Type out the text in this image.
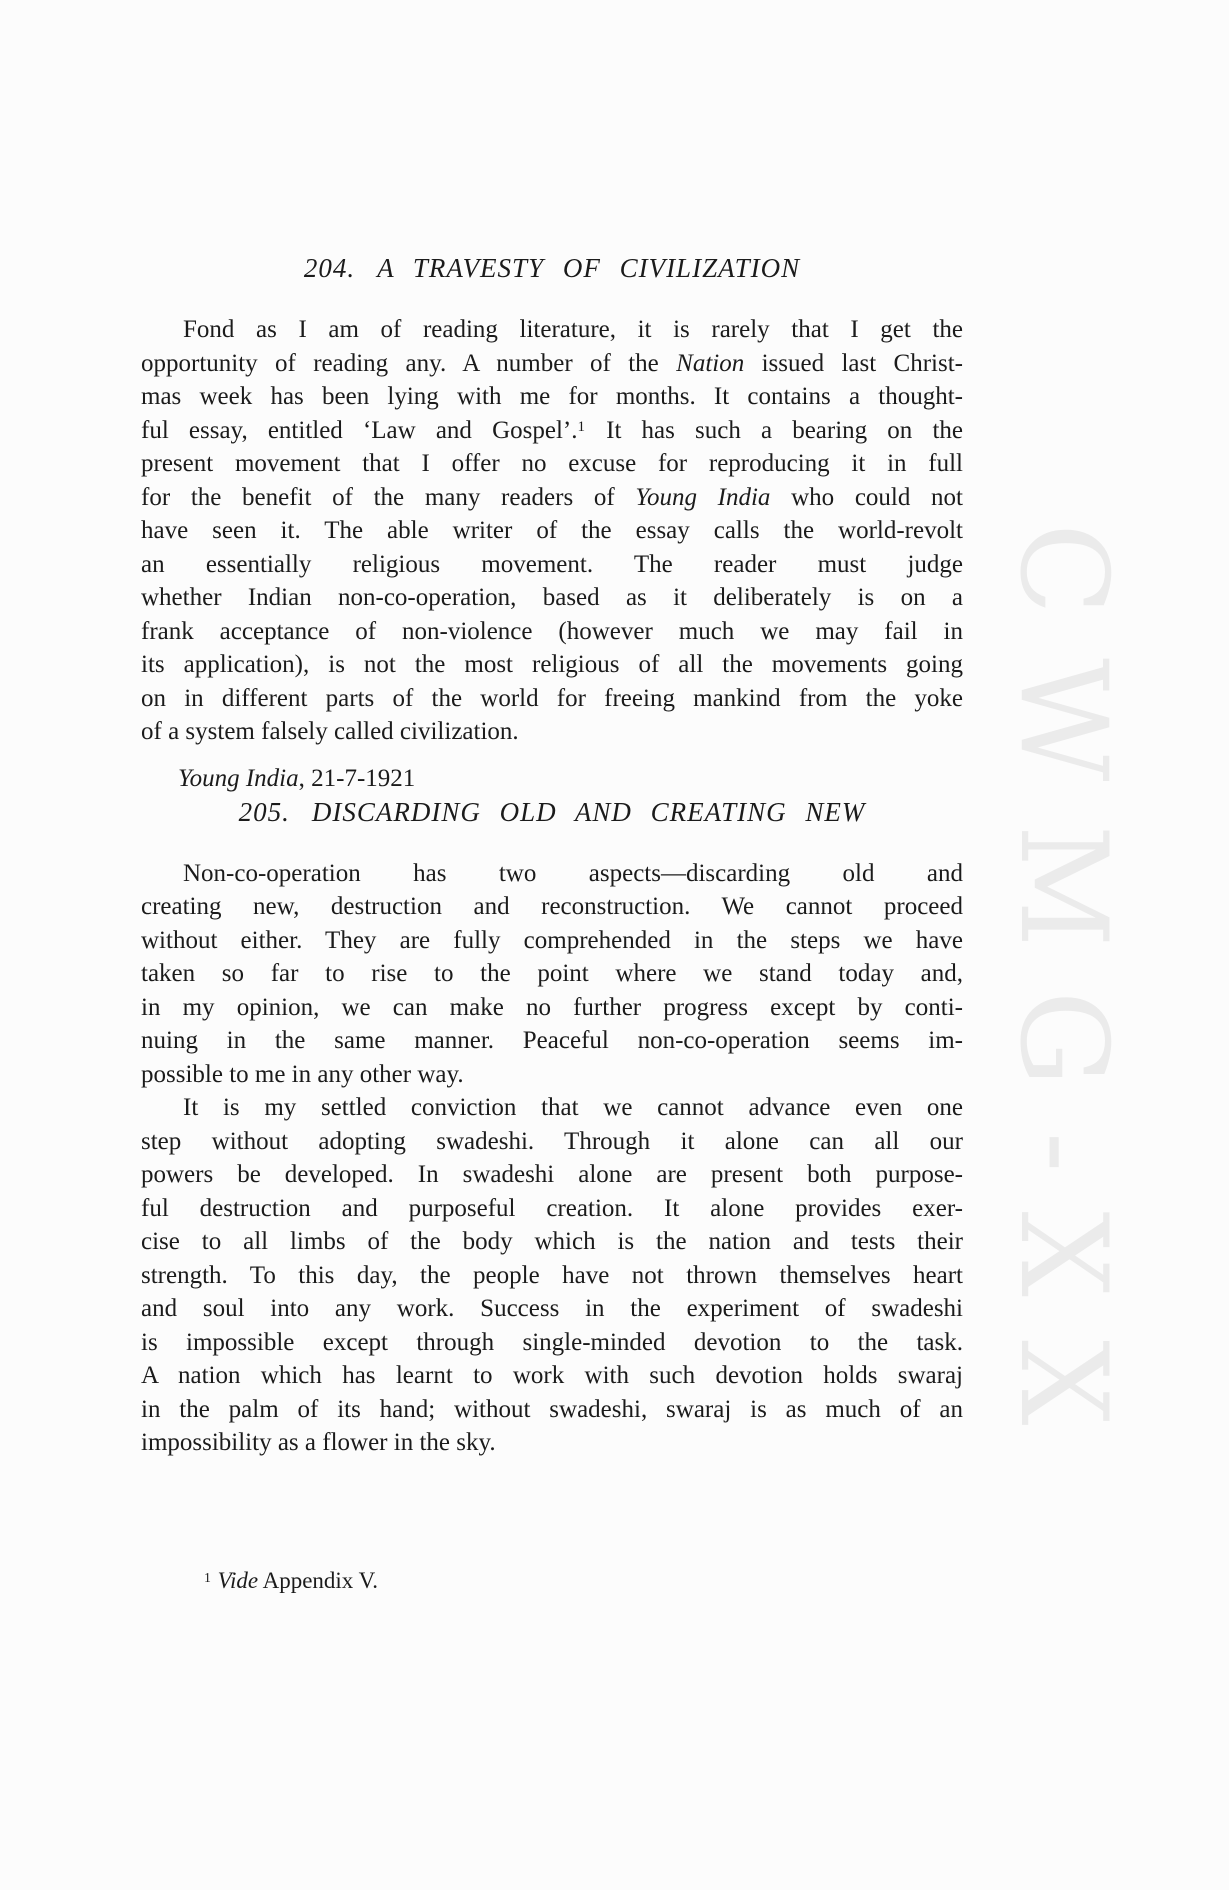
CWMG-XX
204. A TRAVESTY OF CIVILIZATION
Fond as I am of reading literature, it is rarely that I get the
opportunity of reading any. A number of the Nation issued last Christ-
mas week has been lying with me for months. It contains a thought-
ful essay, entitled ‘Law and Gospel’.$^1$ It has such a bearing on the
present movement that I offer no excuse for reproducing it in full
for the benefit of the many readers of Young India who could not
have seen it. The able writer of the essay calls the world-revolt
an essentially religious movement. The reader must judge
whether Indian non-co-operation, based as it deliberately is on a
frank acceptance of non-violence (however much we may fail in
its application), is not the most religious of all the movements going
on in different parts of the world for freeing mankind from the yoke
of a system falsely called civilization.
Young India, 21-7-1921
205. DISCARDING OLD AND CREATING NEW
Non-co-operation has two aspects—discarding old and
creating new, destruction and reconstruction. We cannot proceed
without either. They are fully comprehended in the steps we have
taken so far to rise to the point where we stand today and,
in my opinion, we can make no further progress except by conti-
nuing in the same manner. Peaceful non-co-operation seems im-
possible to me in any other way.
It is my settled conviction that we cannot advance even one
step without adopting swadeshi. Through it alone can all our
powers be developed. In swadeshi alone are present both purpose-
ful destruction and purposeful creation. It alone provides exer-
cise to all limbs of the body which is the nation and tests their
strength. To this day, the people have not thrown themselves heart
and soul into any work. Success in the experiment of swadeshi
is impossible except through single-minded devotion to the task.
A nation which has learnt to work with such devotion holds swaraj
in the palm of its hand; without swadeshi, swaraj is as much of an
impossibility as a flower in the sky.
$^1$ Vide Appendix V.
